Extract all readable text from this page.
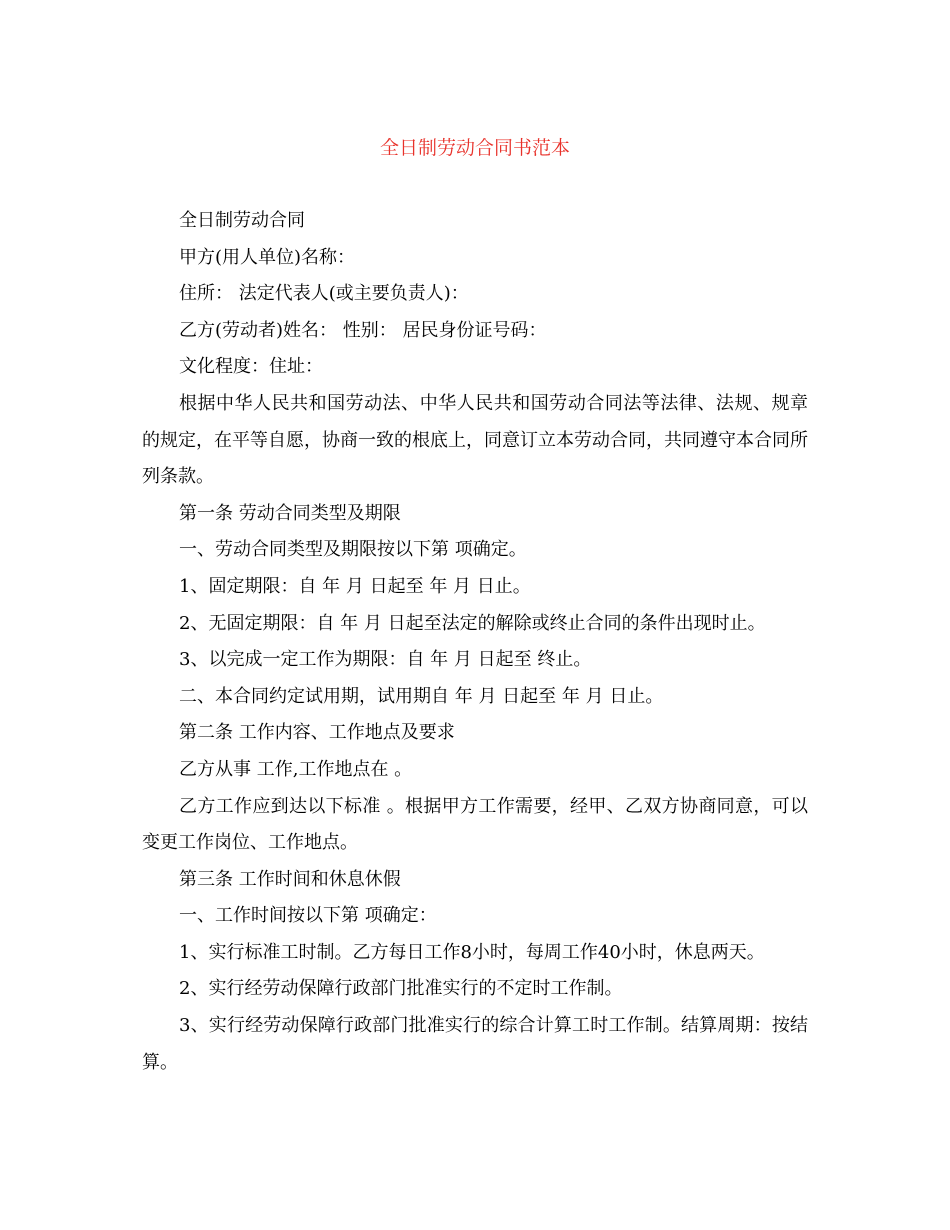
全日制劳动合同书范本

全日制劳动合同

甲方(用人单位)名称：

住所： 法定代表人(或主要负责人)：

乙方(劳动者)姓名： 性别： 居民身份证号码：

文化程度：住址：

根据中华人民共和国劳动法、中华人民共和国劳动合同法等法律、法规、规章的规定，在平等自愿，协商一致的根底上，同意订立本劳动合同，共同遵守本合同所列条款。

第一条 劳动合同类型及期限

一、劳动合同类型及期限按以下第 项确定。

1、固定期限：自 年 月 日起至 年 月 日止。

2、无固定期限：自 年 月 日起至法定的解除或终止合同的条件出现时止。

3、以完成一定工作为期限：自 年 月 日起至 终止。

二、本合同约定试用期，试用期自 年 月 日起至 年 月 日止。

第二条 工作内容、工作地点及要求

乙方从事 工作,工作地点在 。

乙方工作应到达以下标准 。根据甲方工作需要，经甲、乙双方协商同意，可以变更工作岗位、工作地点。

第三条 工作时间和休息休假

一、工作时间按以下第 项确定：

1、实行标准工时制。乙方每日工作8小时，每周工作40小时，休息两天。

2、实行经劳动保障行政部门批准实行的不定时工作制。

3、实行经劳动保障行政部门批准实行的综合计算工时工作制。结算周期：按结算。
